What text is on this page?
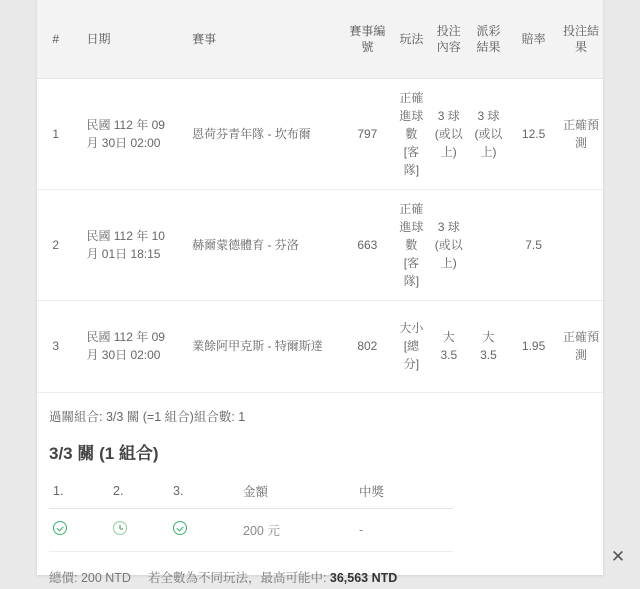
#	日期	賽事	賽事編號	玩法	投注內容	派彩結果	賠率	投注結果
1	民國 112 年 09月 30日 02:00	恩荷芬青年隊 - 坎布爾	797	正確進球數[客隊]	3 球 (或以上)	3 球 (或以上)	12.5	正確預測
2	民國 112 年 10月 01日 18:15	赫爾蒙德體育 - 芬洛	663	正確進球數[客隊]	3 球 (或以上)		7.5	
3	民國 112 年 09月 30日 02:00	業餘阿甲克斯 - 特爾斯達	802	大小[總分]	大 3.5	大 3.5	1.95	正確預測
過關組合: 3/3 關 (=1 組合)組合數: 1
3/3 關 (1 組合)
1.	2.	3.	金額	中獎
			200 元	-
總價: 200 NTD 若全數為不同玩法，最高可能中: 36,563 NTD
✕
